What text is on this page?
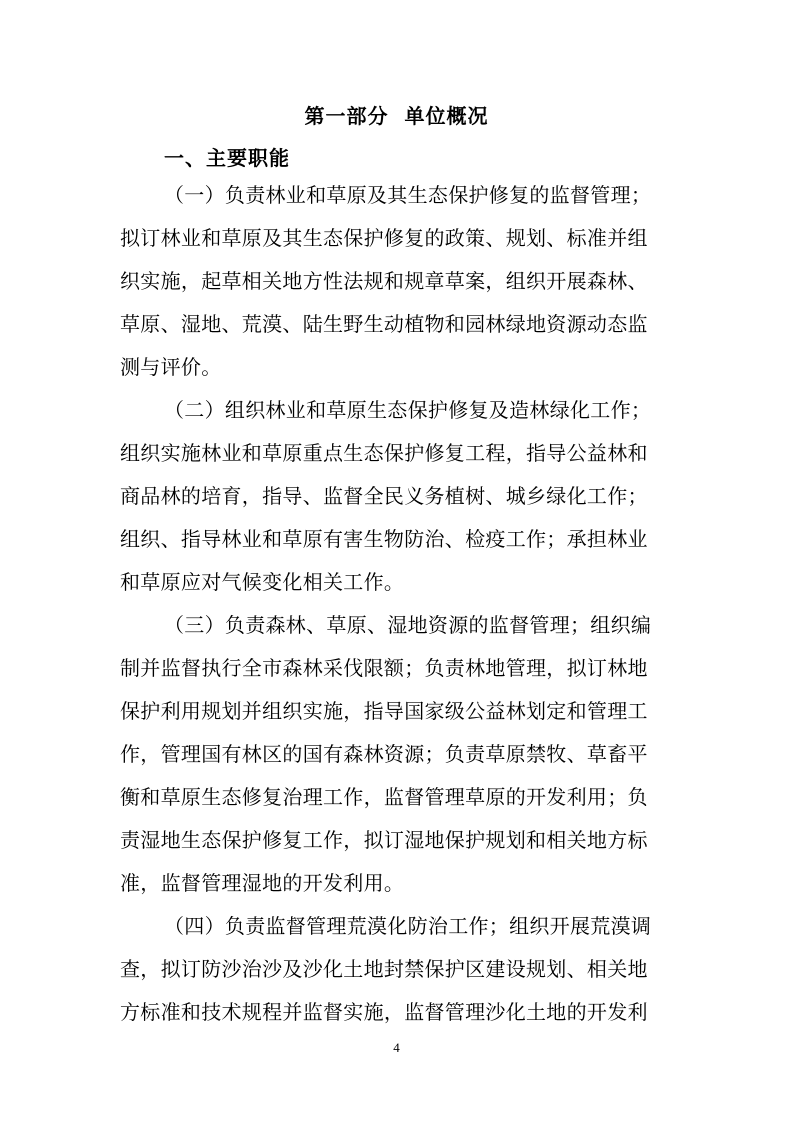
第一部分  单位概况
一、主要职能
（一）负责林业和草原及其生态保护修复的监督管理；
拟订林业和草原及其生态保护修复的政策、规划、标准并组
织实施，起草相关地方性法规和规章草案，组织开展森林、
草原、湿地、荒漠、陆生野生动植物和园林绿地资源动态监
测与评价。
（二）组织林业和草原生态保护修复及造林绿化工作；
组织实施林业和草原重点生态保护修复工程，指导公益林和
商品林的培育，指导、监督全民义务植树、城乡绿化工作；
组织、指导林业和草原有害生物防治、检疫工作；承担林业
和草原应对气候变化相关工作。
（三）负责森林、草原、湿地资源的监督管理；组织编
制并监督执行全市森林采伐限额；负责林地管理，拟订林地
保护利用规划并组织实施，指导国家级公益林划定和管理工
作，管理国有林区的国有森林资源；负责草原禁牧、草畜平
衡和草原生态修复治理工作，监督管理草原的开发利用；负
责湿地生态保护修复工作，拟订湿地保护规划和相关地方标
准，监督管理湿地的开发利用。
（四）负责监督管理荒漠化防治工作；组织开展荒漠调
查，拟订防沙治沙及沙化土地封禁保护区建设规划、相关地
方标准和技术规程并监督实施，监督管理沙化土地的开发利
4
